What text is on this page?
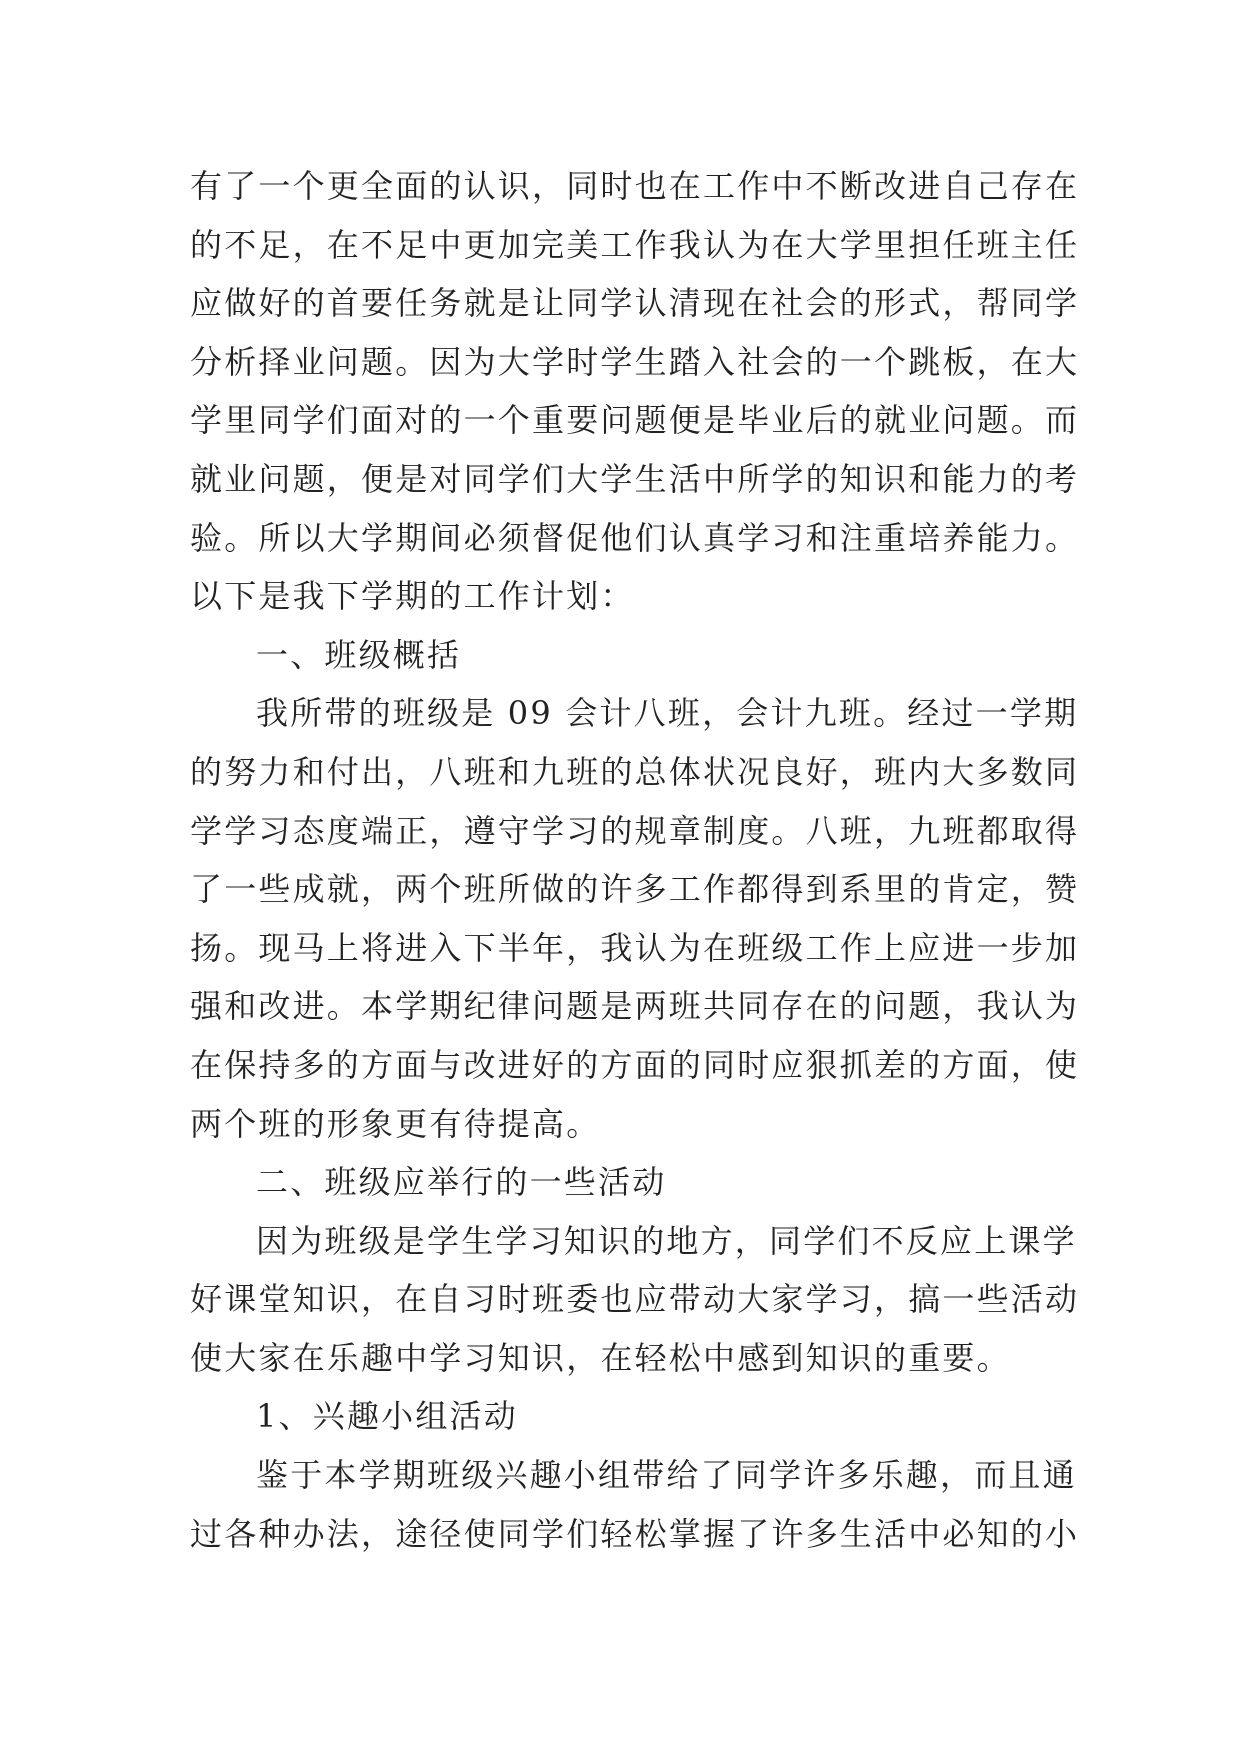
有了一个更全面的认识，同时也在工作中不断改进自己存在
的不足，在不足中更加完美工作我认为在大学里担任班主任
应做好的首要任务就是让同学认清现在社会的形式，帮同学
分析择业问题。因为大学时学生踏入社会的一个跳板，在大
学里同学们面对的一个重要问题便是毕业后的就业问题。而
就业问题，便是对同学们大学生活中所学的知识和能力的考
验。所以大学期间必须督促他们认真学习和注重培养能力。
以下是我下学期的工作计划：
一、班级概括
我所带的班级是 09 会计八班，会计九班。经过一学期
的努力和付出，八班和九班的总体状况良好，班内大多数同
学学习态度端正，遵守学习的规章制度。八班，九班都取得
了一些成就，两个班所做的许多工作都得到系里的肯定，赞
扬。现马上将进入下半年，我认为在班级工作上应进一步加
强和改进。本学期纪律问题是两班共同存在的问题，我认为
在保持多的方面与改进好的方面的同时应狠抓差的方面，使
两个班的形象更有待提高。
二、班级应举行的一些活动
因为班级是学生学习知识的地方，同学们不反应上课学
好课堂知识，在自习时班委也应带动大家学习，搞一些活动
使大家在乐趣中学习知识，在轻松中感到知识的重要。
1、兴趣小组活动
鉴于本学期班级兴趣小组带给了同学许多乐趣，而且通
过各种办法，途径使同学们轻松掌握了许多生活中必知的小
